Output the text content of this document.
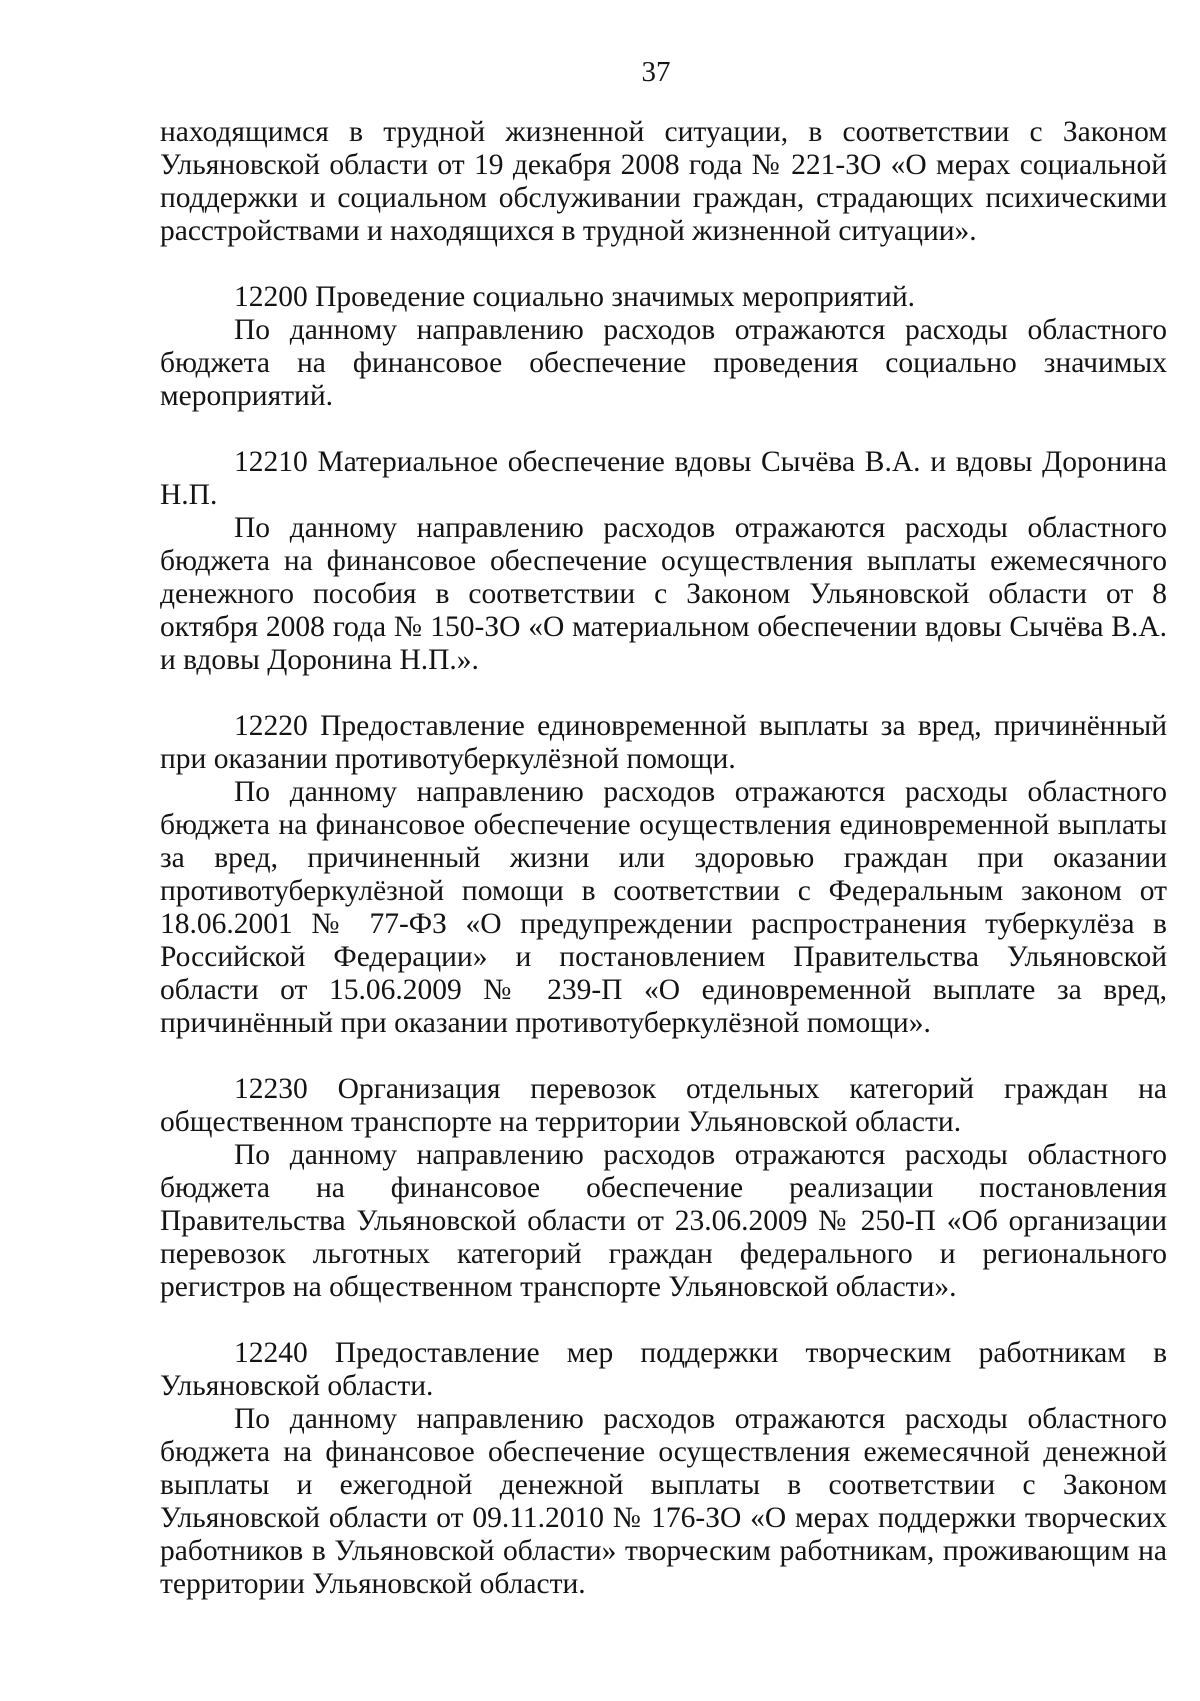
37

находящимся в трудной жизненной ситуации, в соответствии с Законом Ульяновской области от 19 декабря 2008 года № 221-ЗО «О мерах социальной поддержки и социальном обслуживании граждан, страдающих психическими расстройствами и находящихся в трудной жизненной ситуации».

12200 Проведение социально значимых мероприятий.

По данному направлению расходов отражаются расходы областного бюджета на финансовое обеспечение проведения социально значимых мероприятий.

12210 Материальное обеспечение вдовы Сычёва В.А. и вдовы Доронина Н.П.

По данному направлению расходов отражаются расходы областного бюджета на финансовое обеспечение осуществления выплаты ежемесячного денежного пособия в соответствии с Законом Ульяновской области от 8 октября 2008 года № 150-ЗО «О материальном обеспечении вдовы Сычёва В.А. и вдовы Доронина Н.П.».

12220 Предоставление единовременной выплаты за вред, причинённый при оказании противотуберкулёзной помощи.

По данному направлению расходов отражаются расходы областного бюджета на финансовое обеспечение осуществления единовременной выплаты за вред, причиненный жизни или здоровью граждан при оказании противотуберкулёзной помощи в соответствии с Федеральным законом от 18.06.2001 № 77-ФЗ «О предупреждении распространения туберкулёза в Российской Федерации» и постановлением Правительства Ульяновской области от 15.06.2009 № 239-П «О единовременной выплате за вред, причинённый при оказании противотуберкулёзной помощи».

12230 Организация перевозок отдельных категорий граждан на общественном транспорте на территории Ульяновской области.

По данному направлению расходов отражаются расходы областного бюджета на финансовое обеспечение реализации постановления Правительства Ульяновской области от 23.06.2009 № 250-П «Об организации перевозок льготных категорий граждан федерального и регионального регистров на общественном транспорте Ульяновской области».

12240 Предоставление мер поддержки творческим работникам в Ульяновской области.

По данному направлению расходов отражаются расходы областного бюджета на финансовое обеспечение осуществления ежемесячной денежной выплаты и ежегодной денежной выплаты в соответствии с Законом Ульяновской области от 09.11.2010 № 176-ЗО «О мерах поддержки творческих работников в Ульяновской области» творческим работникам, проживающим на территории Ульяновской области.
